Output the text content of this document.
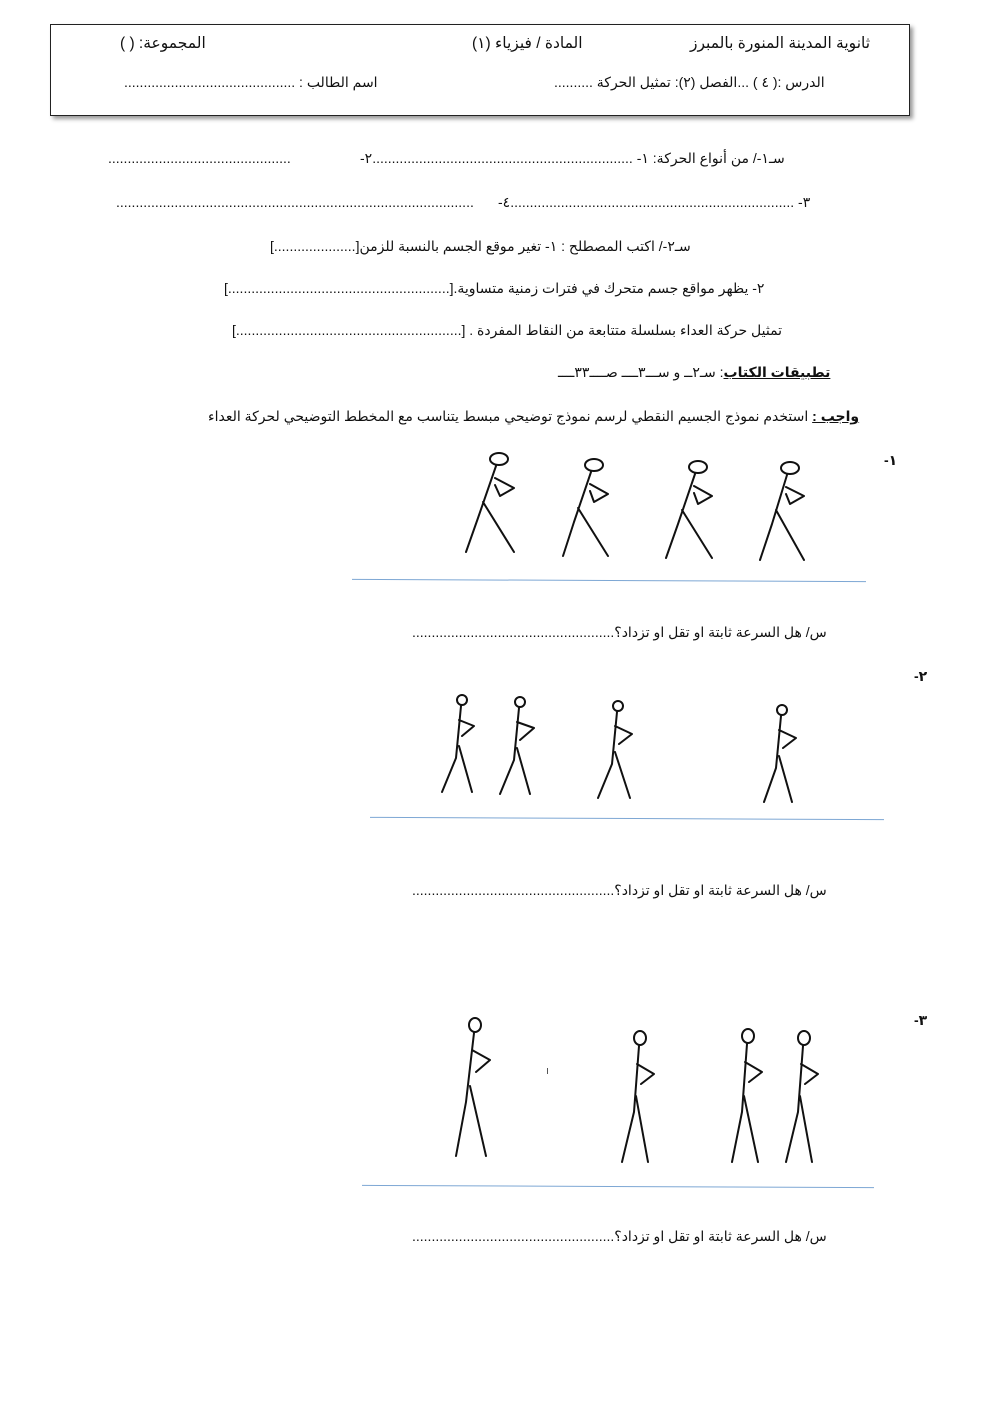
ثانوية المدينة المنورة بالمبرز
المادة / فيزياء (١)
المجموعة: ( )
الدرس :( ٤ ) ...الفصل (٢): تمثيل الحركة ..........
اسم الطالب : ............................................
سـ١-/ من أنواع الحركة: ١- ...................................................................٢-
...............................................
٣- .........................................................................٤-
............................................................................................
سـ٢-/ اكتب المصطلح : ١- تغير موقع الجسم بالنسبة للزمن[.....................]
٢- يظهر مواقع جسم متحرك في فترات زمنية متساوية.[.........................................................]
تمثيل حركة العداء بسلسلة متتابعة من النقاط المفردة . [..........................................................]
تطبيقات الكتاب: سـ٢ــ و ســـ٣ــــ صــــ٣٣ــــ
واجب : استخدم نموذج الجسيم النقطي لرسم نموذج توضيحي مبسط يتناسب مع المخطط التوضيحي لحركة العداء
١-
س/ هل السرعة ثابتة او تقل او تزداد؟....................................................
٢-
س/ هل السرعة ثابتة او تقل او تزداد؟....................................................
٣-
س/ هل السرعة ثابتة او تقل او تزداد؟....................................................
